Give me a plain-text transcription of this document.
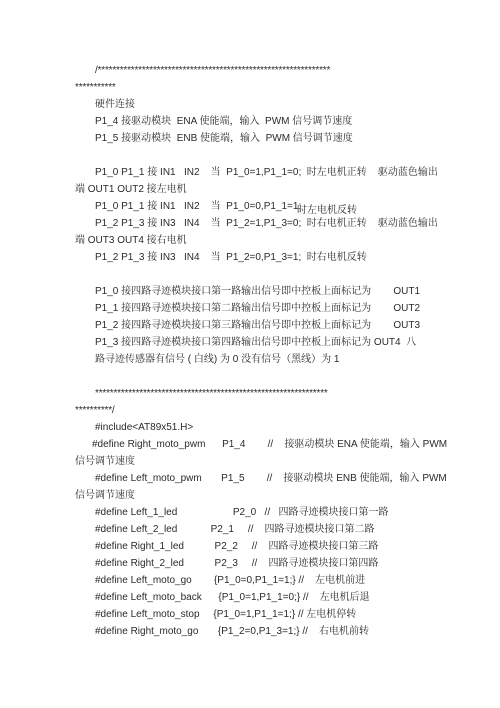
/***************************************************************
***********
硬件连接
P1_4 接驱动模块  ENA 使能端，输入  PWM 信号调节速度
P1_5 接驱动模块  ENB 使能端，输入  PWM 信号调节速度
P1_0 P1_1 接 IN1   IN2    当  P1_0=1,P1_1=0;  时左电机正转    驱动蓝色输出
端 OUT1 OUT2 接左电机
P1_0 P1_1 接 IN1   IN2    当  P1_0=0,P1_1=1;
时左电机反转
P1_2 P1_3 接 IN3   IN4    当  P1_2=1,P1_3=0;  时右电机正转    驱动蓝色输出
端 OUT3 OUT4 接右电机
P1_2 P1_3 接 IN3   IN4    当  P1_2=0,P1_3=1;  时右电机反转
P1_0 接四路寻迹模块接口第一路输出信号即中控板上面标记为        OUT1
P1_1 接四路寻迹模块接口第二路输出信号即中控板上面标记为        OUT2
P1_2 接四路寻迹模块接口第三路输出信号即中控板上面标记为        OUT3
P1_3 接四路寻迹模块接口第四路输出信号即中控板上面标记为 OUT4  八
路寻迹传感器有信号 ( 白线) 为 0 没有信号（黑线）为 1
***************************************************************
**********/
#include<AT89x51.H>
#define Right_moto_pwm      P1_4        //    接驱动模块 ENA 使能端，输入 PWM
信号调节速度
#define Left_moto_pwm       P1_5        //    接驱动模块 ENB 使能端，输入 PWM
信号调节速度
#define Left_1_led                    P2_0   //   四路寻迹模块接口第一路
#define Left_2_led            P2_1     //    四路寻迹模块接口第二路
#define Right_1_led           P2_2     //    四路寻迹模块接口第三路
#define Right_2_led           P2_3     //    四路寻迹模块接口第四路
#define Left_moto_go        {P1_0=0,P1_1=1;} //    左电机前进
#define Left_moto_back      {P1_0=1,P1_1=0;} //    左电机后退
#define Left_moto_stop     {P1_0=1,P1_1=1;} // 左电机停转
#define Right_moto_go       {P1_2=0,P1_3=1;} //    右电机前转
